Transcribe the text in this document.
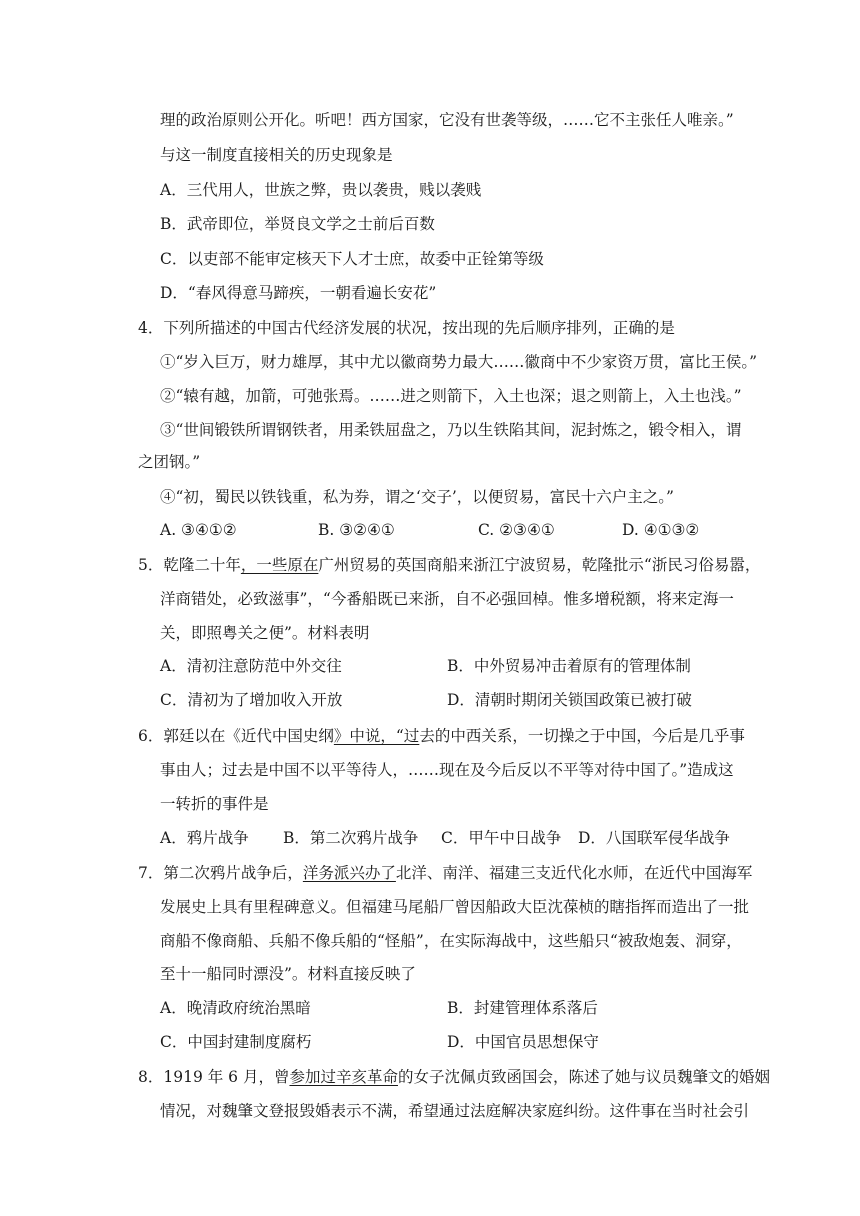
理的政治原则公开化。听吧！西方国家，它没有世袭等级，……它不主张任人唯亲。”
与这一制度直接相关的历史现象是
A．三代用人，世族之弊，贵以袭贵，贱以袭贱
B．武帝即位，举贤良文学之士前后百数
C．以吏部不能审定核天下人才士庶，故委中正铨第等级
D．“春风得意马蹄疾，一朝看遍长安花”
4．下列所描述的中国古代经济发展的状况，按出现的先后顺序排列，正确的是
①“岁入巨万，财力雄厚，其中尤以徽商势力最大……徽商中不少家资万贯，富比王侯。”
②“辕有越，加箭，可弛张焉。……进之则箭下，入土也深；退之则箭上，入土也浅。”
③“世间锻铁所谓钢铁者，用柔铁屈盘之，乃以生铁陷其间，泥封炼之，锻令相入，谓
之团钢。”
④“初，蜀民以铁钱重，私为券，谓之‘交子’，以便贸易，富民十六户主之。”
A. ③④①②	B. ③②④①	C. ②③④①	D. ④①③②
5．乾隆二十年，一些原在广州贸易的英国商船来浙江宁波贸易，乾隆批示“浙民习俗易嚣，
洋商错处，必致滋事”，“今番船既已来浙，自不必强回棹。惟多增税额，将来定海一
关，即照粤关之便”。材料表明
A．清初注意防范中外交往	B．中外贸易冲击着原有的管理体制
C．清初为了增加收入开放	D．清朝时期闭关锁国政策已被打破
6．郭廷以在《近代中国史纲》中说，“过去的中西关系，一切操之于中国，今后是几乎事
事由人；过去是中国不以平等待人，……现在及今后反以不平等对待中国了。”造成这
一转折的事件是
A．鸦片战争 B．第二次鸦片战争 C．甲午中日战争 D．八国联军侵华战争
7．第二次鸦片战争后，洋务派兴办了北洋、南洋、福建三支近代化水师，在近代中国海军
发展史上具有里程碑意义。但福建马尾船厂曾因船政大臣沈葆桢的瞎指挥而造出了一批
商船不像商船、兵船不像兵船的“怪船”，在实际海战中，这些船只“被敌炮轰、洞穿，
至十一船同时漂没”。材料直接反映了
A．晚清政府统治黑暗	B．封建管理体系落后
C．中国封建制度腐朽	D．中国官员思想保守
8．1919 年 6 月，曾参加过辛亥革命的女子沈佩贞致函国会，陈述了她与议员魏肇文的婚姻
情况，对魏肇文登报毁婚表示不满，希望通过法庭解决家庭纠纷。这件事在当时社会引
